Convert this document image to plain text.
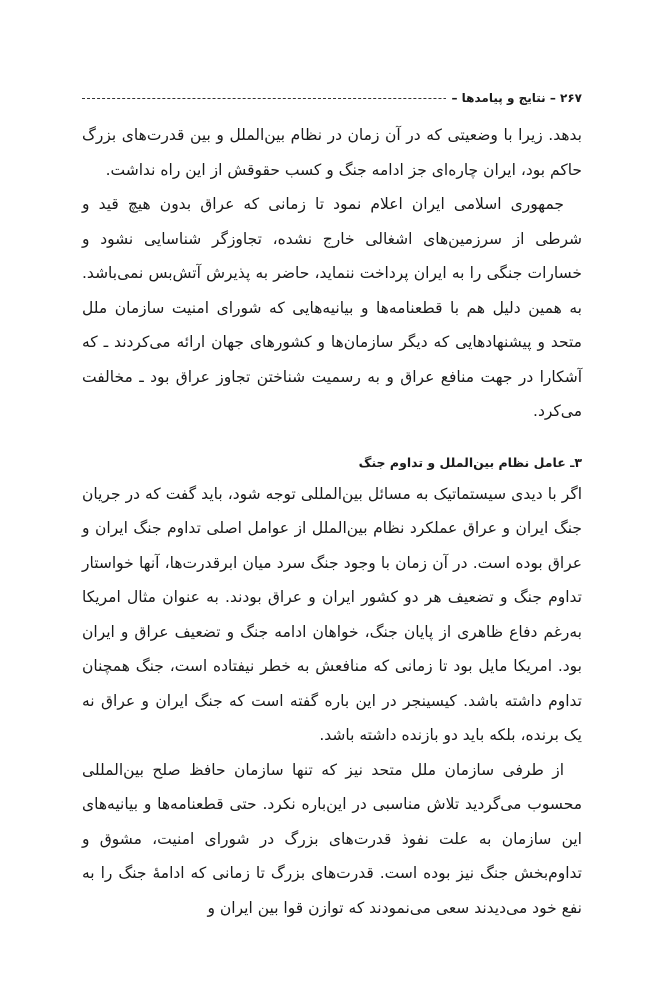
۲۶۷ – نتایج و پیامدها –

بدهد. زیرا با وضعیتی که در آن زمان در نظام بین‌الملل و بین قدرت‌های بزرگ حاکم بود، ایران چاره‌ای جز ادامه جنگ و کسب حقوقش از این راه نداشت.

جمهوری اسلامی ایران اعلام نمود تا زمانی که عراق بدون هیچ قید و شرطی از سرزمین‌های اشغالی خارج نشده، تجاوزگر شناسایی نشود و خسارات جنگی را به ایران پرداخت ننماید، حاضر به پذیرش آتش‌بس نمی‌باشد. به همین دلیل هم با قطعنامه‌ها و بیانیه‌هایی که شورای امنیت سازمان ملل متحد و پیشنهادهایی که دیگر سازمان‌ها و کشورهای جهان ارائه می‌کردند ـ که آشکارا در جهت منافع عراق و به رسمیت شناختن تجاوز عراق بود ـ مخالفت می‌کرد.

۳ـ عامل نظام بین‌الملل و تداوم جنگ

اگر با دیدی سیستماتیک به مسائل بین‌المللی توجه شود، باید گفت که در جریان جنگ ایران و عراق عملکرد نظام بین‌الملل از عوامل اصلی تداوم جنگ ایران و عراق بوده است. در آن زمان با وجود جنگ سرد میان ابرقدرت‌ها، آنها خواستار تداوم جنگ و تضعیف هر دو کشور ایران و عراق بودند. به عنوان مثال امریکا به‌رغم دفاع ظاهری از پایان جنگ، خواهان ادامه جنگ و تضعیف عراق و ایران بود. امریکا مایل بود تا زمانی که منافعش به خطر نیفتاده است، جنگ همچنان تداوم داشته باشد. کیسینجر در این باره گفته است که جنگ ایران و عراق نه یک برنده، بلکه باید دو بازنده داشته باشد.

از طرفی سازمان ملل متحد نیز که تنها سازمان حافظ صلح بین‌المللی محسوب می‌گردید تلاش مناسبی در این‌باره نکرد. حتی قطعنامه‌ها و بیانیه‌های این سازمان به علت نفوذ قدرت‌های بزرگ در شورای امنیت، مشوق و تداوم‌بخش جنگ نیز بوده است. قدرت‌های بزرگ تا زمانی که ادامهٔ جنگ را به نفع خود می‌دیدند سعی می‌نمودند که توازن قوا بین ایران و
